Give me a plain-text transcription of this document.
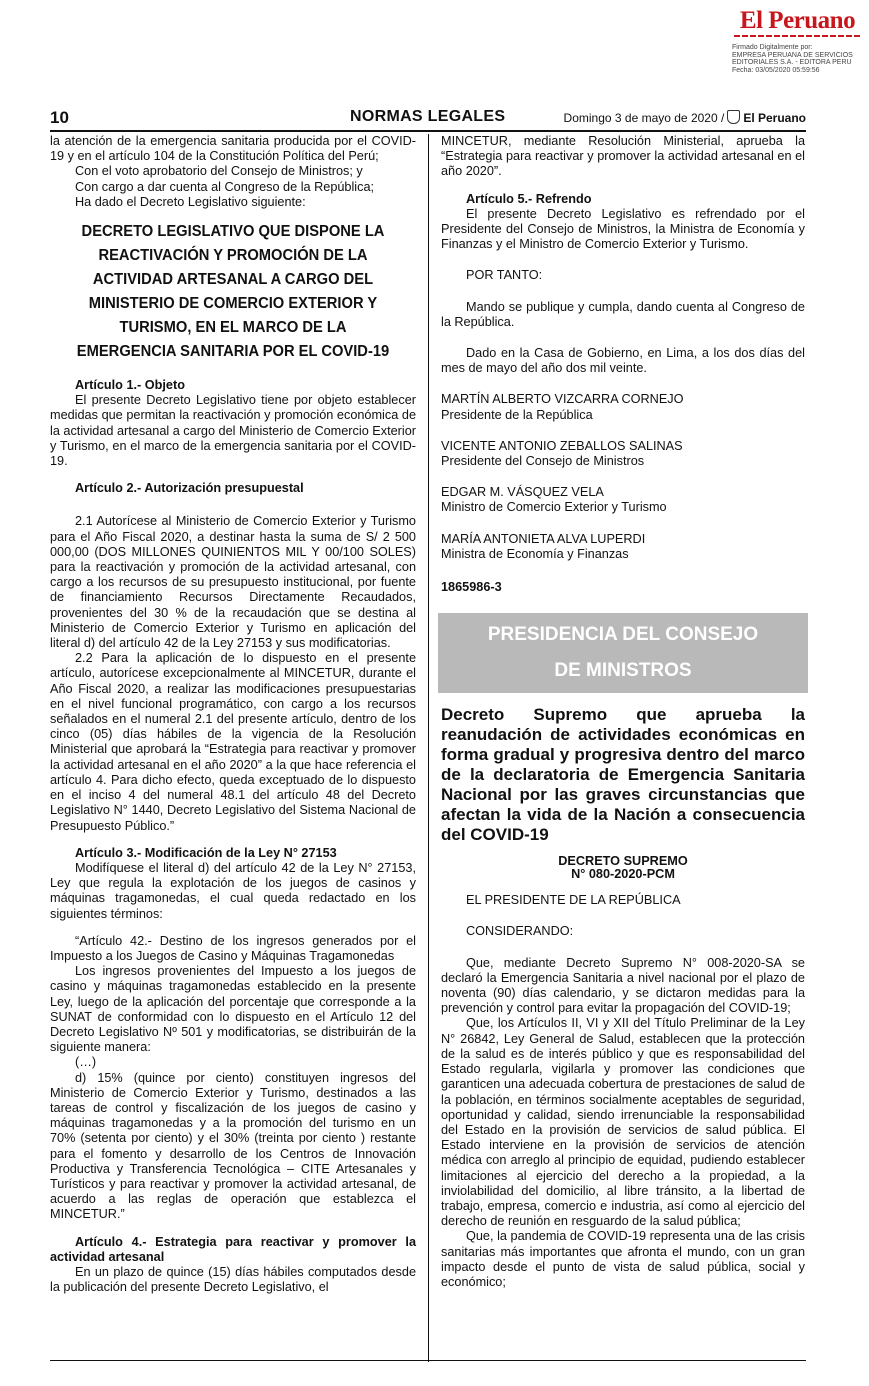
El Peruano
Firmado Digitalmente por:
EMPRESA PERUANA DE SERVICIOS
EDITORIALES S.A. - EDITORA PERU
Fecha: 03/05/2020 05:59:56
10	NORMAS LEGALES	Domingo 3 de mayo de 2020 / El Peruano

la atención de la emergencia sanitaria producida por el COVID-19 y en el artículo 104 de la Constitución Política del Perú;

Con el voto aprobatorio del Consejo de Ministros; y

Con cargo a dar cuenta al Congreso de la República;

Ha dado el Decreto Legislativo siguiente:

DECRETO LEGISLATIVO QUE DISPONE LA REACTIVACIÓN Y PROMOCIÓN DE LA ACTIVIDAD ARTESANAL A CARGO DEL MINISTERIO DE COMERCIO EXTERIOR Y TURISMO, EN EL MARCO DE LA EMERGENCIA SANITARIA POR EL COVID-19

Artículo 1.- Objeto

El presente Decreto Legislativo tiene por objeto establecer medidas que permitan la reactivación y promoción económica de la actividad artesanal a cargo del Ministerio de Comercio Exterior y Turismo, en el marco de la emergencia sanitaria por el COVID-19.

Artículo 2.- Autorización presupuestal

2.1 Autorícese al Ministerio de Comercio Exterior y Turismo para el Año Fiscal 2020, a destinar hasta la suma de S/ 2 500 000,00 (DOS MILLONES QUINIENTOS MIL Y 00/100 SOLES) para la reactivación y promoción de la actividad artesanal, con cargo a los recursos de su presupuesto institucional, por fuente de financiamiento Recursos Directamente Recaudados, provenientes del 30 % de la recaudación que se destina al Ministerio de Comercio Exterior y Turismo en aplicación del literal d) del artículo 42 de la Ley 27153 y sus modificatorias.

2.2 Para la aplicación de lo dispuesto en el presente artículo, autorícese excepcionalmente al MINCETUR, durante el Año Fiscal 2020, a realizar las modificaciones presupuestarias en el nivel funcional programático, con cargo a los recursos señalados en el numeral 2.1 del presente artículo, dentro de los cinco (05) días hábiles de la vigencia de la Resolución Ministerial que aprobará la “Estrategia para reactivar y promover la actividad artesanal en el año 2020” a la que hace referencia el artículo 4. Para dicho efecto, queda exceptuado de lo dispuesto en el inciso 4 del numeral 48.1 del artículo 48 del Decreto Legislativo N° 1440, Decreto Legislativo del Sistema Nacional de Presupuesto Público.”

Artículo 3.- Modificación de la Ley N° 27153

Modifíquese el literal d) del artículo 42 de la Ley N° 27153, Ley que regula la explotación de los juegos de casinos y máquinas tragamonedas, el cual queda redactado en los siguientes términos:

“Artículo 42.- Destino de los ingresos generados por el Impuesto a los Juegos de Casino y Máquinas Tragamonedas

Los ingresos provenientes del Impuesto a los juegos de casino y máquinas tragamonedas establecido en la presente Ley, luego de la aplicación del porcentaje que corresponde a la SUNAT de conformidad con lo dispuesto en el Artículo 12 del Decreto Legislativo Nº 501 y modificatorias, se distribuirán de la siguiente manera:

(…)

d) 15% (quince por ciento) constituyen ingresos del Ministerio de Comercio Exterior y Turismo, destinados a las tareas de control y fiscalización de los juegos de casino y máquinas tragamonedas y a la promoción del turismo en un 70% (setenta por ciento) y el 30% (treinta por ciento ) restante para el fomento y desarrollo de los Centros de Innovación Productiva y Transferencia Tecnológica – CITE Artesanales y Turísticos y para reactivar y promover la actividad artesanal, de acuerdo a las reglas de operación que establezca el MINCETUR.”

Artículo 4.- Estrategia para reactivar y promover la actividad artesanal

En un plazo de quince (15) días hábiles computados desde la publicación del presente Decreto Legislativo, el

MINCETUR, mediante Resolución Ministerial, aprueba la “Estrategia para reactivar y promover la actividad artesanal en el año 2020”.

Artículo 5.- Refrendo

El presente Decreto Legislativo es refrendado por el Presidente del Consejo de Ministros, la Ministra de Economía y Finanzas y el Ministro de Comercio Exterior y Turismo.

POR TANTO:

Mando se publique y cumpla, dando cuenta al Congreso de la República.

Dado en la Casa de Gobierno, en Lima, a los dos días del mes de mayo del año dos mil veinte.

MARTÍN ALBERTO VIZCARRA CORNEJO

Presidente de la República

VICENTE ANTONIO ZEBALLOS SALINAS

Presidente del Consejo de Ministros

EDGAR M. VÁSQUEZ VELA

Ministro de Comercio Exterior y Turismo

MARÍA ANTONIETA ALVA LUPERDI

Ministra de Economía y Finanzas

1865986-3

PRESIDENCIA DEL CONSEJO
DE MINISTROS
Decreto Supremo que aprueba la reanudación de actividades económicas en forma gradual y progresiva dentro del marco de la declaratoria de Emergencia Sanitaria Nacional por las graves circunstancias que afectan la vida de la Nación a consecuencia del COVID-19
DECRETO SUPREMO
N° 080-2020-PCM

EL PRESIDENTE DE LA REPÚBLICA

CONSIDERANDO:

Que, mediante Decreto Supremo N° 008-2020-SA se declaró la Emergencia Sanitaria a nivel nacional por el plazo de noventa (90) días calendario, y se dictaron medidas para la prevención y control para evitar la propagación del COVID-19;

Que, los Artículos II, VI y XII del Título Preliminar de la Ley N° 26842, Ley General de Salud, establecen que la protección de la salud es de interés público y que es responsabilidad del Estado regularla, vigilarla y promover las condiciones que garanticen una adecuada cobertura de prestaciones de salud de la población, en términos socialmente aceptables de seguridad, oportunidad y calidad, siendo irrenunciable la responsabilidad del Estado en la provisión de servicios de salud pública. El Estado interviene en la provisión de servicios de atención médica con arreglo al principio de equidad, pudiendo establecer limitaciones al ejercicio del derecho a la propiedad, a la inviolabilidad del domicilio, al libre tránsito, a la libertad de trabajo, empresa, comercio e industria, así como al ejercicio del derecho de reunión en resguardo de la salud pública;

Que, la pandemia de COVID-19 representa una de las crisis sanitarias más importantes que afronta el mundo, con un gran impacto desde el punto de vista de salud pública, social y económico;
